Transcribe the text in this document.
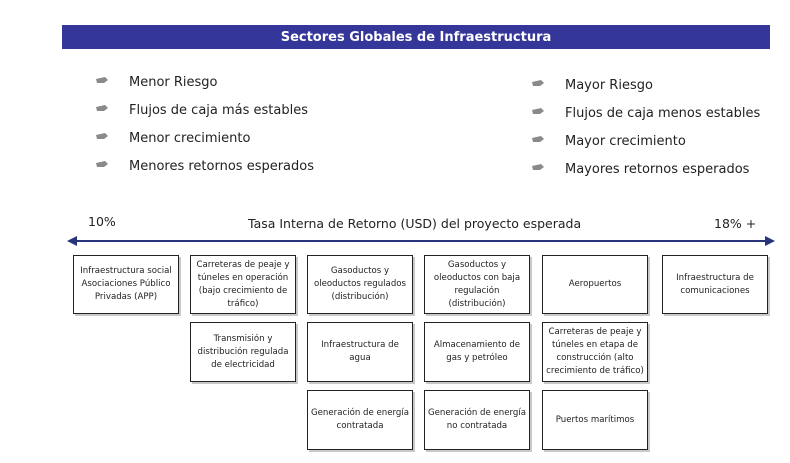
Sectores Globales de Infraestructura
Menor Riesgo
Flujos de caja más estables
Menor crecimiento
Menores retornos esperados
Mayor Riesgo
Flujos de caja menos estables
Mayor crecimiento
Mayores retornos esperados
10%	Tasa Interna de Retorno (USD) del proyecto esperada	18% +
Infraestructura social Asociaciones Público Privadas (APP)
Carreteras de peaje y túneles en operación (bajo crecimiento de tráfico)
Transmisión y distribución regulada de electricidad
Gasoductos y oleoductos regulados (distribución)
Infraestructura de agua
Generación de energía contratada
Gasoductos y oleoductos con baja regulación (distribución)
Almacenamiento de gas y petróleo
Generación de energía no contratada
Aeropuertos
Carreteras de peaje y túneles en etapa de construcción (alto crecimiento de tráfico)
Puertos marítimos
Infraestructura de comunicaciones
